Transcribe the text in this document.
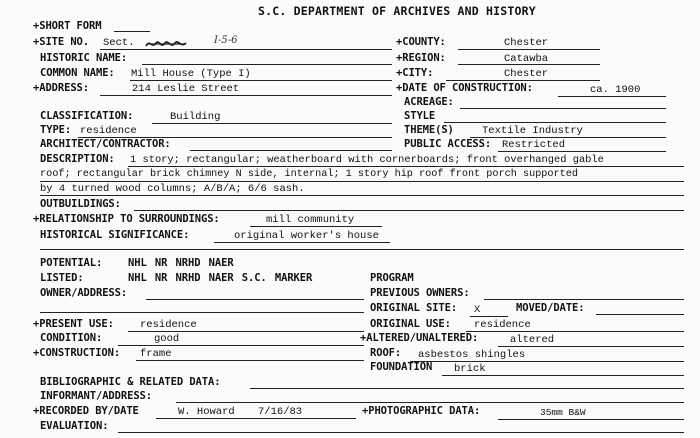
S.C. DEPARTMENT OF ARCHIVES AND HISTORY
+SHORT FORM
+SITE NO. Sect.	I-5-6	+COUNTY:	Chester
HISTORIC NAME:	+REGION:	Catawba
COMMON NAME: Mill House (Type I)	+CITY:	Chester
+ADDRESS:	214 Leslie Street	+DATE OF CONSTRUCTION:	ca. 1900
ACREAGE:
CLASSIFICATION:	Building	STYLE
TYPE: residence	THEME(S)	Textile Industry
ARCHITECT/CONTRACTOR:	PUBLIC ACCESS: Restricted
DESCRIPTION: 1 story; rectangular; weatherboard with cornerboards; front overhanged gable
roof; rectangular brick chimney N side, internal; 1 story hip roof front porch supported
by 4 turned wood columns; A/B/A; 6/6 sash.
OUTBUILDINGS:
+RELATIONSHIP TO SURROUNDINGS:	mill community
HISTORICAL SIGNIFICANCE:	original worker's house
POTENTIAL: NHL NR NRHD NAER
LISTED:	NHL NR NRHD NAER S.C. MARKER	PROGRAM
OWNER/ADDRESS:	PREVIOUS OWNERS:
ORIGINAL SITE: X	MOVED/DATE:
+PRESENT USE: residence	ORIGINAL USE: residence
CONDITION:	good	+ALTERED/UNALTERED:	altered
+CONSTRUCTION: frame	ROOF: asbestos shingles
FOUNDATION brick
BIBLIOGRAPHIC & RELATED DATA:
INFORMANT/ADDRESS:
+RECORDED BY/DATE	W. Howard 7/16/83	+PHOTOGRAPHIC DATA:	35mm B&W
EVALUATION:
